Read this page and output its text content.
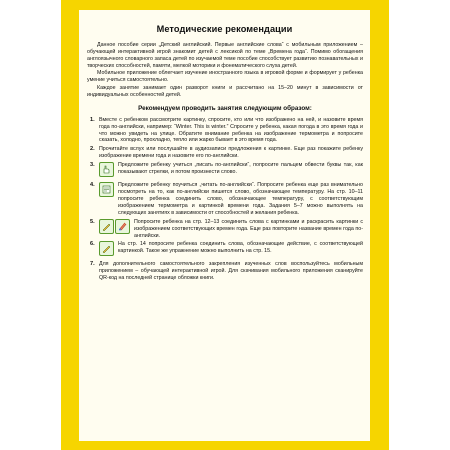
Методические рекомендации

Данное пособие серии „Детский английский. Первые английские слова“ с мобильным приложением – обучающей интерактивной игрой знакомит детей с лексикой по теме „Времена года“. Помимо обогащения англоязычного словарного запаса детей по изучаемой теме пособие способствует развитию познавательных и творческих способностей, памяти, мелкой моторики и фонематического слуха детей.

Мобильное приложение облегчает изучение иностранного языка в игровой форме и формирует у ребенка умение учиться самостоятельно.

Каждое занятие занимает один разворот книги и рассчитано на 15–20 минут в зависимости от индивидуальных особенностей детей.

Рекомендуем проводить занятия следующим образом:
1. Вместе с ребенком рассмотрите картинку, спросите, кто или что изображено на ней, и назовите время года по-английски, например: “Winter. This is winter.” Спросите у ребенка, какая погода в это время года и что можно увидеть на улице. Обратите внимание ребенка на изображение термометра и попросите сказать, холодно, прохладно, тепло или жарко бывает в это время года.

2. Прочитайте вслух или послушайте в аудиозаписи предложения к картинке. Еще раз покажите ребенку изображение времени года и назовите его по-английски.

3.	Предложите ребенку учиться „писать по-английски“, попросите пальцем обвести буквы так, как показывают стрелки, и потом произнести слово.

4.	Предложите ребенку поучиться „читать по-английски“. Попросите ребенка еще раз внимательно посмотреть на то, как по-английски пишется слово, обозначающее температуру. На стр. 10–11 попросите ребенка соединить слово, обозначающее температуру, с соответствующим изображением термометра и картинкой времени года. Задания 5–7 можно выполнять на следующих занятиях в зависимости от способностей и желания ребенка.

5.	Попросите ребенка на стр. 12–13 соединить слова с картинками и раскрасить картинки с изображением соответствующих времен года. Еще раз повторите название времен года по-английски.

6.	На стр. 14 попросите ребенка соединить слова, обозначающие действие, с соответствующей картинкой. Такое же упражнение можно выполнить на стр. 15.

7. Для дополнительного самостоятельного закрепления изученных слов воспользуйтесь мобильным приложением – обучающей интерактивной игрой. Для скачивания мобильного приложения сканируйте QR-код на последней странице обложки книги.
